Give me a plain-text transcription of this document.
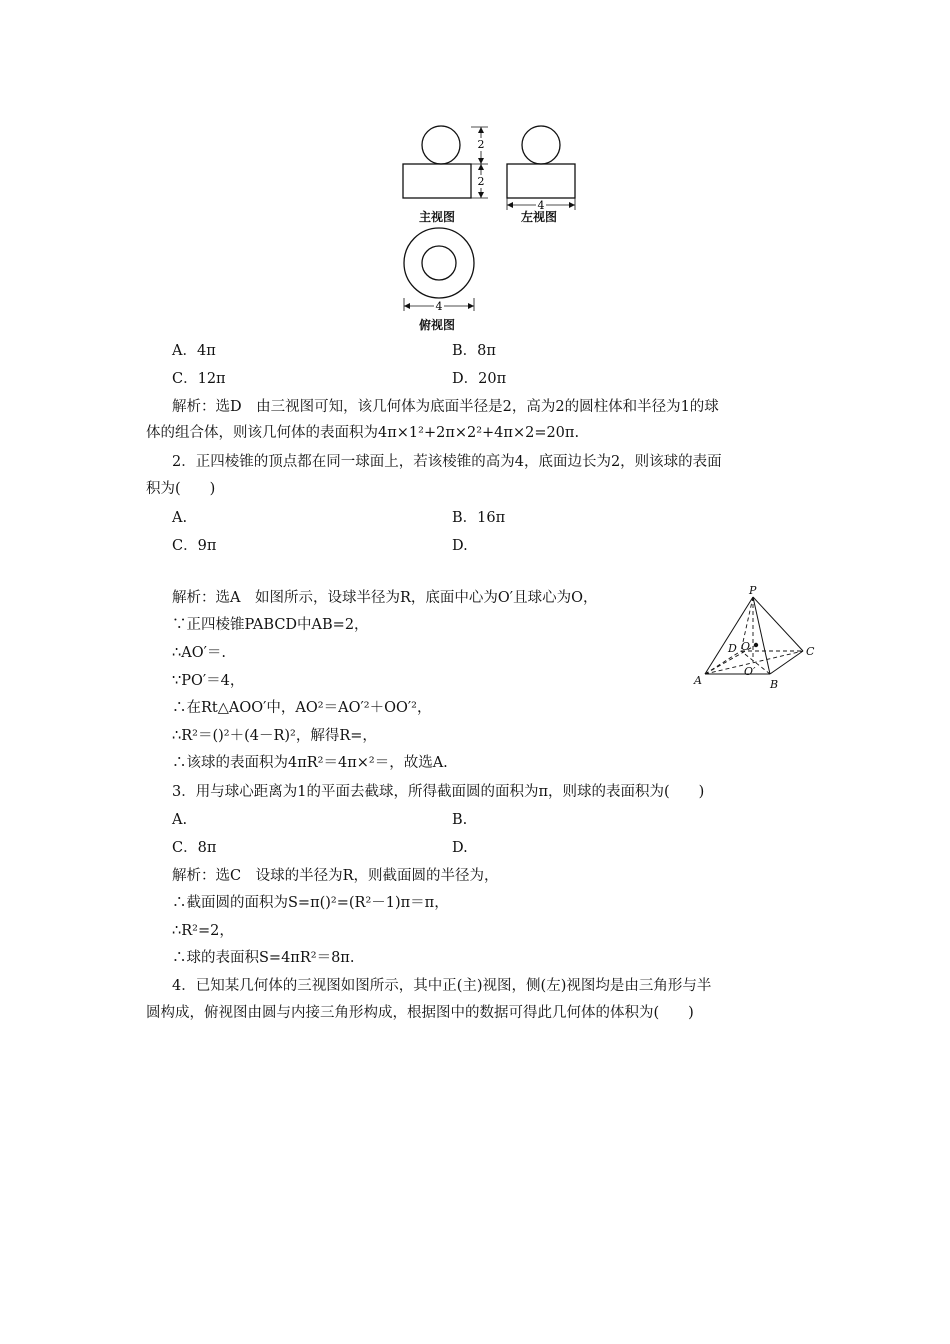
2
2
4
4
主视图	左视图
俯视图
A．4π	B．8π
C．12π	D．20π
解析：选D　由三视图可知，该几何体为底面半径是2，高为2的圆柱体和半径为1的球
体的组合体，则该几何体的表面积为4π×1²+2π×2²+4π×2=20π.
2．正四棱锥的顶点都在同一球面上，若该棱锥的高为4，底面边长为2，则该球的表面
积为(　　)
A.	B．16π
C．9π	D.
解析：选A　如图所示，设球半径为R，底面中心为O′且球心为O，
∵正四棱锥PABCD中AB=2，
∴AO′＝.
∵PO′＝4，
∴在Rt△AOO′中，AO²＝AO′²＋OO′²，
∴R²＝()²＋(4－R)²，解得R=，
∴该球的表面积为4πR²＝4π×²＝，故选A.
P
D O	C
A
O′
B
3．用与球心距离为1的平面去截球，所得截面圆的面积为π，则球的表面积为(　　)
A.	B.
C．8π	D.
解析：选C　设球的半径为R，则截面圆的半径为，
∴截面圆的面积为S=π()²=(R²－1)π＝π，
∴R²=2，
∴球的表面积S=4πR²＝8π.
4．已知某几何体的三视图如图所示，其中正(主)视图，侧(左)视图均是由三角形与半
圆构成，俯视图由圆与内接三角形构成，根据图中的数据可得此几何体的体积为(　　)
